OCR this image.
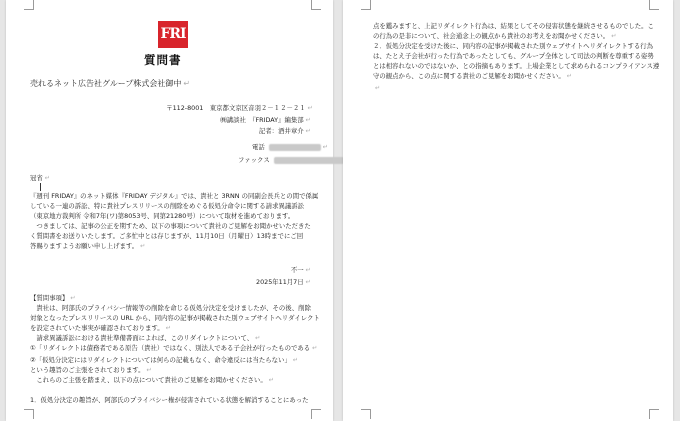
FRI
質問書
売れるネット広告社グループ株式会社御中 ↵
〒112-8001　東京都文京区音羽２－１２－２１ ↵
㈱講談社　『FRIDAY』編集部 ↵
記者：酒井章介 ↵
電話	↵
ファックス
冠省 ↵
『週刊 FRIDAY』のネット媒体『FRIDAY デジタル』では、貴社と 3RNN の同副会長兵との間で係属
している一連の訴訟、特に貴社プレスリリースの削除をめぐる仮処分命令に関する請求異議訴訟
（東京地方裁判所 令和7年(ワ)第8053号、同第21280号）について取材を進めております。
　つきましては、記事の公正を期すため、以下の事項について貴社のご見解をお聞かせいただきた
く質問書をお送りいたします。ご多忙中とは存じますが、11月10日（月曜日）13時までにご回
答賜りますようお願い申し上げます。 ↵
不一 ↵
2025年11月7日 ↵
【質問事項】 ↵
　貴社は、阿部氏のプライバシー情報等の削除を命じる仮処分決定を受けましたが、その後、削除
対象となったプレスリリースの URL から、同内容の記事が掲載された別ウェブサイトへリダイレクト
を設定されていた事実が確認されております。 ↵
　請求異議訴訟における貴社準備書面によれば、このリダイレクトについて、 ↵
①「リダイレクトは債務者である原告（貴社）ではなく、別法人である子会社が行ったものである ↵
②「仮処分決定にはリダイレクトについては何らの記載もなく、命令違反には当たらない」 ↵
という趣旨のご主張をされております。 ↵
　これらのご主張を踏まえ、以下の点について貴社のご見解をお聞かせください。 ↵
1．仮処分決定の趣旨が、阿部氏のプライバシー権が侵害されている状態を解消することにあった
点を鑑みますと、上記リダイレクト行為は、結果としてその侵害状態を継続させるものでした。こ
の行為の是非について、社会通念上の観点から貴社のお考えをお聞かせください。 ↵
２．仮処分決定を受けた後に、同内容の記事が掲載された別ウェブサイトへリダイレクトする行為
は、たとえ子会社が行った行為であったとしても、グループ全体として司法の判断を尊重する姿勢
とは相容れないのではないか、との指摘もあります。上場企業として求められるコンプライアンス遵
守の観点から、この点に関する貴社のご見解をお聞かせください。 ↵
↵
